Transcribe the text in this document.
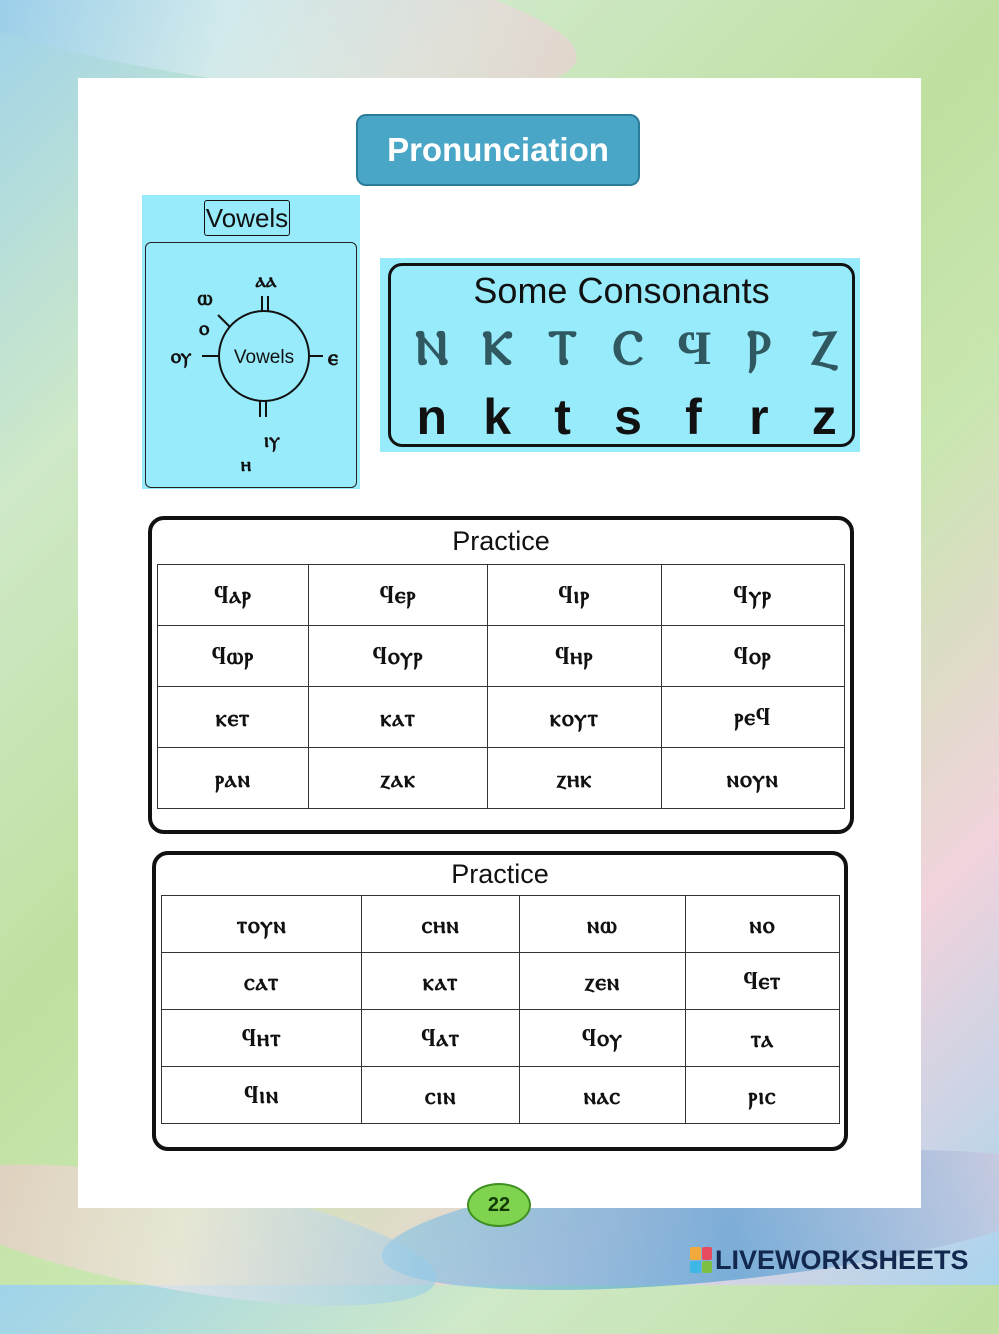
Pronunciation
Vowels
Vowels
ⲁⲁ
ⲉ
ⲟⲩ
ⲟ
ⲱ
ⲓⲩ
ⲏ
Some Consonants
Ⲛ Ⲕ Ⲧ Ⲥ Ϥ Ⲣ Ⲍ
n k t s f r z
Practice
ϥⲁⲣ	ϥⲉⲣ	ϥⲓⲣ	ϥⲩⲣ
ϥⲱⲣ	ϥⲟⲩⲣ	ϥⲏⲣ	ϥⲟⲣ
ⲕⲉⲧ	ⲕⲁⲧ	ⲕⲟⲩⲧ	ⲣⲉϥ
ⲣⲁⲛ	ⲍⲁⲕ	ⲍⲏⲕ	ⲛⲟⲩⲛ
Practice
ⲧⲟⲩⲛ	ⲥⲏⲛ	ⲛⲱ	ⲛⲟ
ⲥⲁⲧ	ⲕⲁⲧ	ⲍⲉⲛ	ϥⲉⲧ
ϥⲏⲧ	ϥⲁⲧ	ϥⲟⲩ	ⲧⲁ
ϥⲓⲛ	ⲥⲓⲛ	ⲛⲁⲥ	ⲣⲓⲥ
22
LIVEWORKSHEETS
